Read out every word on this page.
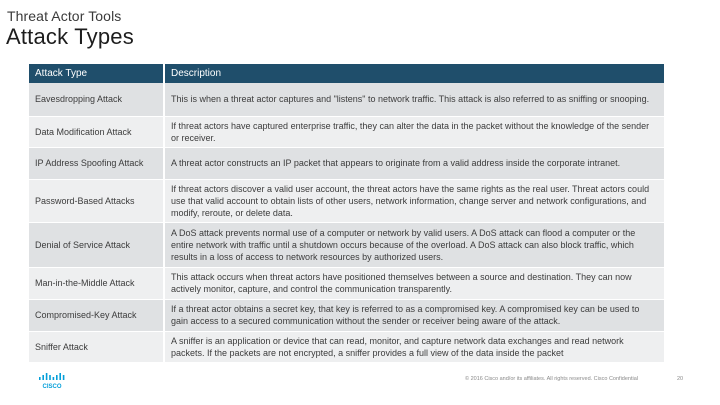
Threat Actor Tools
Attack Types
Attack Type	Description
Eavesdropping Attack	This is when a threat actor captures and "listens" to network traffic. This attack is also referred to as sniffing or snooping.
Data Modification Attack	If threat actors have captured enterprise traffic, they can alter the data in the packet without the knowledge of the sender or receiver.
IP Address Spoofing Attack	A threat actor constructs an IP packet that appears to originate from a valid address inside the corporate intranet.
Password-Based Attacks	If threat actors discover a valid user account, the threat actors have the same rights as the real user. Threat actors could use that valid account to obtain lists of other users, network information, change server and network configurations, and modify, reroute, or delete data.
Denial of Service Attack	A DoS attack prevents normal use of a computer or network by valid users. A DoS attack can flood a computer or the entire network with traffic until a shutdown occurs because of the overload. A DoS attack can also block traffic, which results in a loss of access to network resources by authorized users.
Man-in-the-Middle Attack	This attack occurs when threat actors have positioned themselves between a source and destination. They can now actively monitor, capture, and control the communication transparently.
Compromised-Key Attack	If a threat actor obtains a secret key, that key is referred to as a compromised key. A compromised key can be used to gain access to a secured communication without the sender or receiver being aware of the attack.
Sniffer Attack	A sniffer is an application or device that can read, monitor, and capture network data exchanges and read network packets. If the packets are not encrypted, a sniffer provides a full view of the data inside the packet
CISCO
© 2016 Cisco and/or its affiliates. All rights reserved. Cisco Confidential	20
